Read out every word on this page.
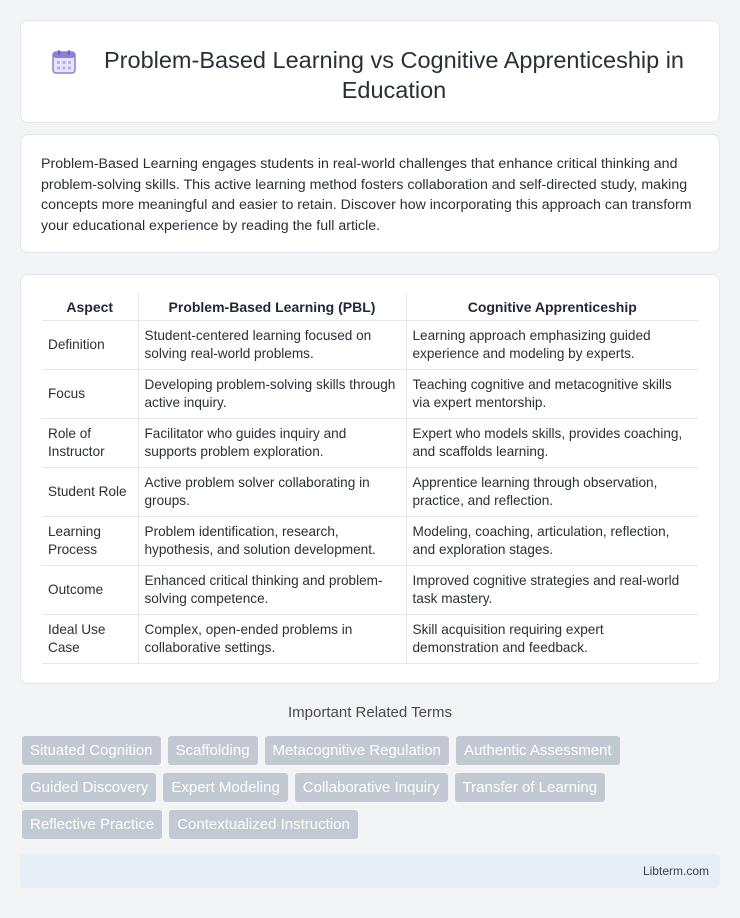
Problem-Based Learning vs Cognitive Apprenticeship in Education

Problem-Based Learning engages students in real-world challenges that enhance critical thinking and problem-solving skills. This active learning method fosters collaboration and self-directed study, making concepts more meaningful and easier to retain. Discover how incorporating this approach can transform your educational experience by reading the full article.

Aspect	Problem-Based Learning (PBL)	Cognitive Apprenticeship
Definition	Student-centered learning focused on solving real-world problems.	Learning approach emphasizing guided experience and modeling by experts.
Focus	Developing problem-solving skills through active inquiry.	Teaching cognitive and metacognitive skills via expert mentorship.
Role of Instructor	Facilitator who guides inquiry and supports problem exploration.	Expert who models skills, provides coaching, and scaffolds learning.
Student Role	Active problem solver collaborating in groups.	Apprentice learning through observation, practice, and reflection.
Learning Process	Problem identification, research, hypothesis, and solution development.	Modeling, coaching, articulation, reflection, and exploration stages.
Outcome	Enhanced critical thinking and problem-solving competence.	Improved cognitive strategies and real-world task mastery.
Ideal Use Case	Complex, open-ended problems in collaborative settings.	Skill acquisition requiring expert demonstration and feedback.
Important Related Terms
Situated Cognition	Scaffolding	Metacognitive Regulation	Authentic Assessment
Guided Discovery	Expert Modeling	Collaborative Inquiry	Transfer of Learning
Reflective Practice	Contextualized Instruction
Libterm.com
